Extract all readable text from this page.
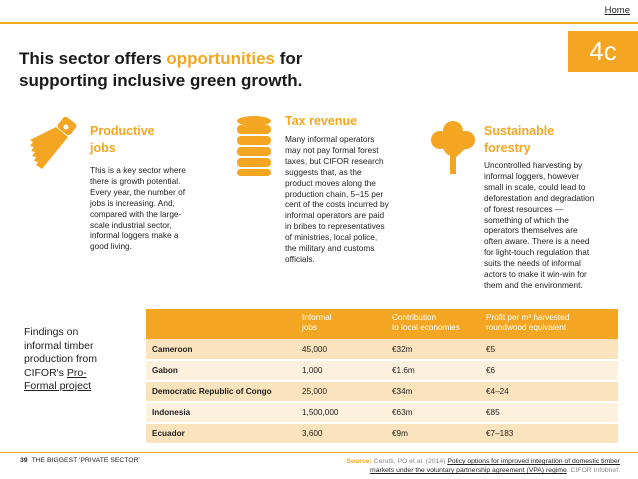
Home
4c
This sector offers opportunities for
supporting inclusive green growth.
Productive
jobs
This is a key sector where
there is growth potential.
Every year, the number of
jobs is increasing. And,
compared with the large-
scale industrial sector,
informal loggers make a
good living.

Tax revenue
Many informal operators
may not pay formal forest
taxes, but CIFOR research
suggests that, as the
product moves along the
production chain, 5–15 per
cent of the costs incurred by
informal operators are paid
in bribes to representatives
of ministries, local police,
the military and customs
officials.

Sustainable
forestry
Uncontrolled harvesting by
informal loggers, however
small in scale, could lead to
deforestation and degradation
of forest resources —
something of which the
operators themselves are
often aware. There is a need
for light-touch regulation that
suits the needs of informal
actors to make it win-win for
them and the environment.

Findings on
informal timber
production from
CIFOR's Pro-
Formal project
	Informal
jobs	Contribution
to local economies	Profit per m³ harvested
roundwood equivalent
Cameroon	45,000	€32m	€5
Gabon	1,000	€1.6m	€6
Democratic Republic of Congo	25,000	€34m	€4–24
Indonesia	1,500,000	€63m	€85
Ecuador	3,600	€9m	€7–183
39 THE BIGGEST 'PRIVATE SECTOR'	Source: Cerutti, PO et al. (2014) Policy options for improved integration of domestic timber
markets under the voluntary partnership agreement (VPA) regime. CIFOR Infobrief.
